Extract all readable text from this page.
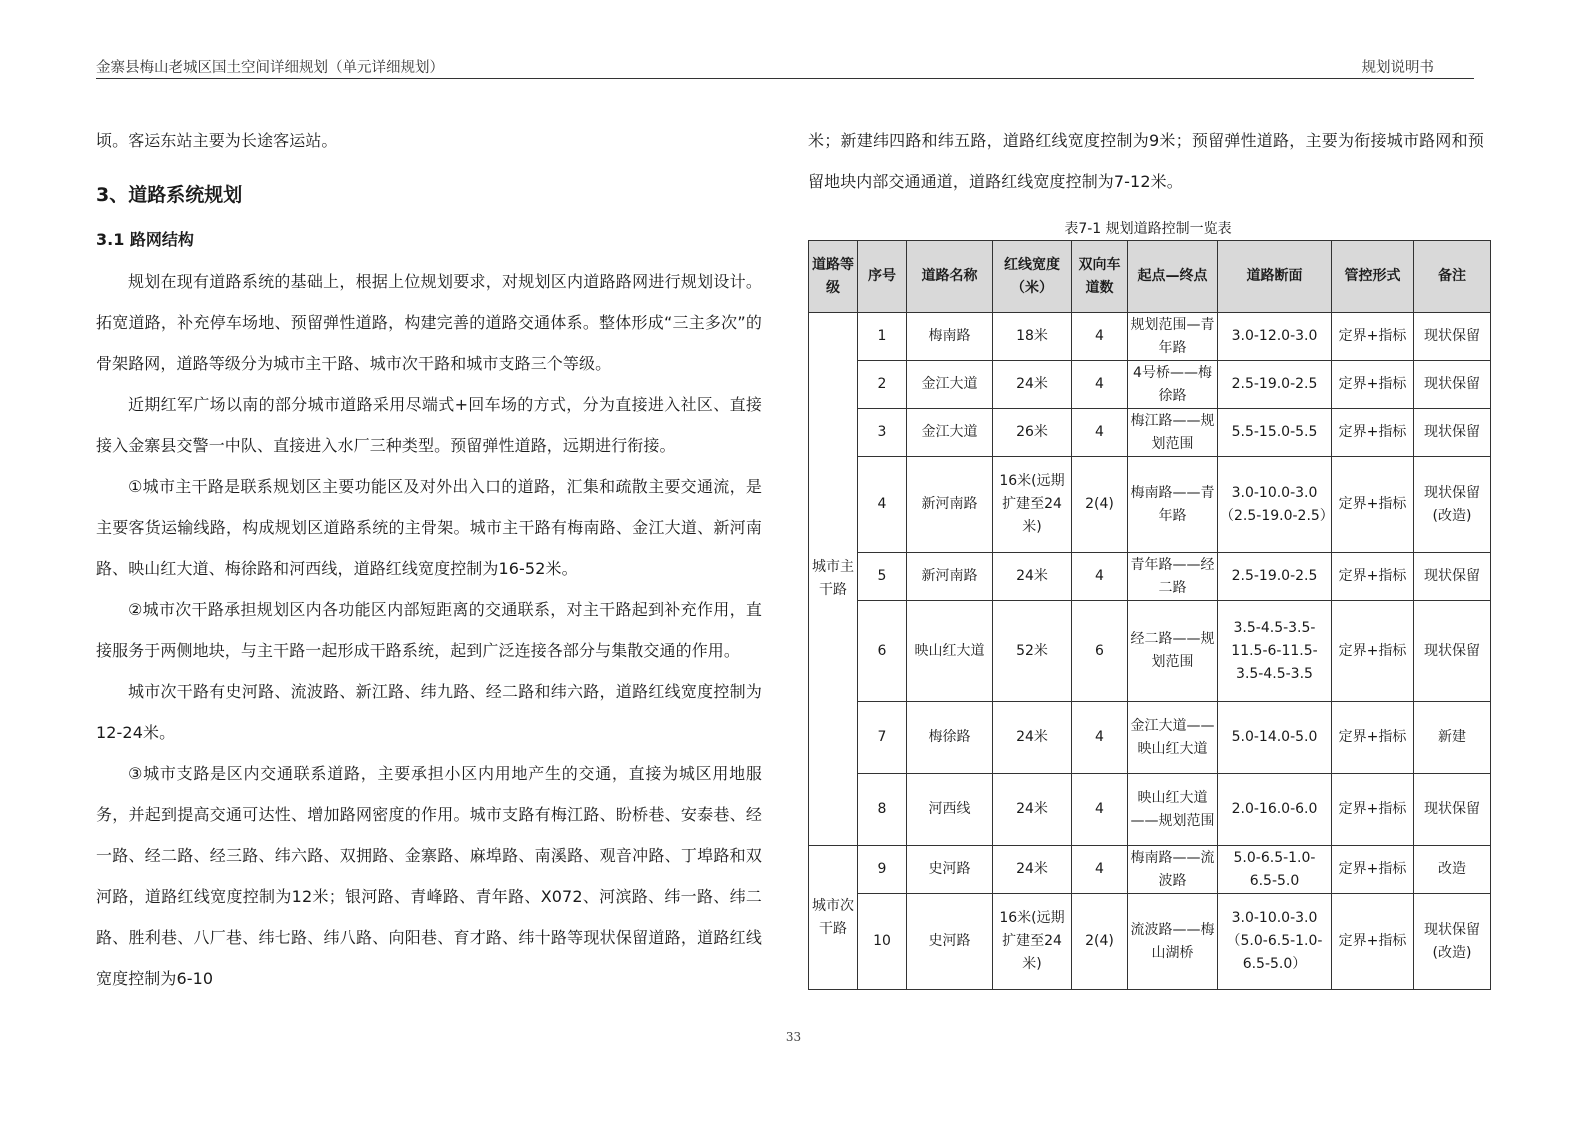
金寨县梅山老城区国土空间详细规划（单元详细规划）	规划说明书

顷。客运东站主要为长途客运站。

3、道路系统规划
3.1 路网结构

规划在现有道路系统的基础上，根据上位规划要求，对规划区内道路路网进行规划设计。拓宽道路，补充停车场地、预留弹性道路，构建完善的道路交通体系。整体形成“三主多次”的骨架路网，道路等级分为城市主干路、城市次干路和城市支路三个等级。

近期红军广场以南的部分城市道路采用尽端式+回车场的方式，分为直接进入社区、直接接入金寨县交警一中队、直接进入水厂三种类型。预留弹性道路，远期进行衔接。

①城市主干路是联系规划区主要功能区及对外出入口的道路，汇集和疏散主要交通流，是主要客货运输线路，构成规划区道路系统的主骨架。城市主干路有梅南路、金江大道、新河南路、映山红大道、梅徐路和河西线，道路红线宽度控制为16-52米。

②城市次干路承担规划区内各功能区内部短距离的交通联系，对主干路起到补充作用，直接服务于两侧地块，与主干路一起形成干路系统，起到广泛连接各部分与集散交通的作用。

城市次干路有史河路、流波路、新江路、纬九路、经二路和纬六路，道路红线宽度控制为12-24米。

③城市支路是区内交通联系道路，主要承担小区内用地产生的交通，直接为城区用地服务，并起到提高交通可达性、增加路网密度的作用。城市支路有梅江路、盼桥巷、安泰巷、经一路、经二路、经三路、纬六路、双拥路、金寨路、麻埠路、南溪路、观音冲路、丁埠路和双河路，道路红线宽度控制为12米；银河路、青峰路、青年路、X072、河滨路、纬一路、纬二路、胜利巷、八厂巷、纬七路、纬八路、向阳巷、育才路、纬十路等现状保留道路，道路红线宽度控制为6-10

米；新建纬四路和纬五路，道路红线宽度控制为9米；预留弹性道路，主要为衔接城市路网和预留地块内部交通通道，道路红线宽度控制为7-12米。

表7-1 规划道路控制一览表
道路等级	序号	道路名称	红线宽度（米）	双向车道数	起点—终点	道路断面	管控形式	备注
城市主干路	1	梅南路	18米	4	规划范围—青年路	3.0-12.0-3.0	定界+指标	现状保留
	2	金江大道	24米	4	4号桥——梅徐路	2.5-19.0-2.5	定界+指标	现状保留
	3	金江大道	26米	4	梅江路——规划范围	5.5-15.0-5.5	定界+指标	现状保留
	4	新河南路	16米(远期扩建至24米)	2(4)	梅南路——青年路	3.0-10.0-3.0（2.5-19.0-2.5）	定界+指标	现状保留(改造)
	5	新河南路	24米	4	青年路——经二路	2.5-19.0-2.5	定界+指标	现状保留
	6	映山红大道	52米	6	经二路——规划范围	3.5-4.5-3.5-11.5-6-11.5-3.5-4.5-3.5	定界+指标	现状保留
	7	梅徐路	24米	4	金江大道——映山红大道	5.0-14.0-5.0	定界+指标	新建
	8	河西线	24米	4	映山红大道——规划范围	2.0-16.0-6.0	定界+指标	现状保留
城市次干路	9	史河路	24米	4	梅南路——流波路	5.0-6.5-1.0-6.5-5.0	定界+指标	改造
	10	史河路	16米(远期扩建至24米)	2(4)	流波路——梅山湖桥	3.0-10.0-3.0（5.0-6.5-1.0-6.5-5.0）	定界+指标	现状保留(改造)
33
